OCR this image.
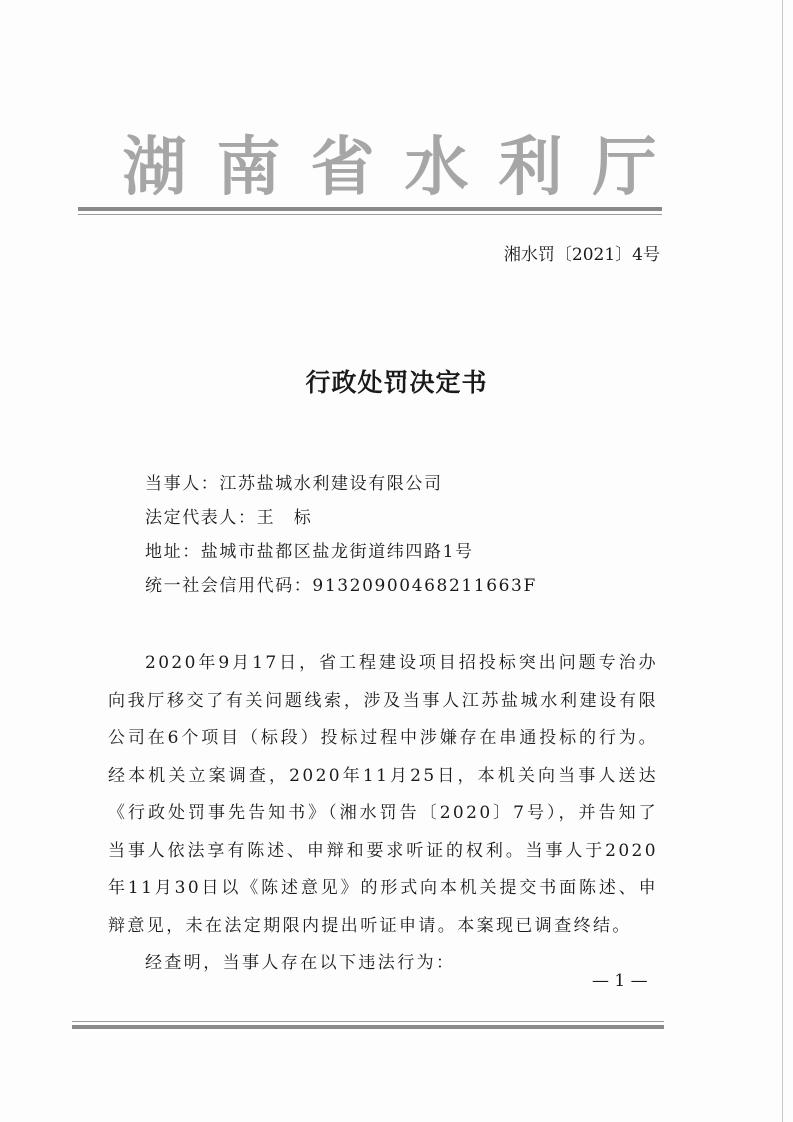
湖南省水利厅
湘水罚〔2021〕4号
行政处罚决定书
当事人：江苏盐城水利建设有限公司
法定代表人：王　标
地址：盐城市盐都区盐龙街道纬四路1号
统一社会信用代码：91320900468211663F

2020年9月17日，省工程建设项目招投标突出问题专治办向我厅移交了有关问题线索，涉及当事人江苏盐城水利建设有限公司在6个项目（标段）投标过程中涉嫌存在串通投标的行为。经本机关立案调查，2020年11月25日，本机关向当事人送达《行政处罚事先告知书》（湘水罚告〔2020〕7号），并告知了当事人依法享有陈述、申辩和要求听证的权利。当事人于2020年11月30日以《陈述意见》的形式向本机关提交书面陈述、申辩意见，未在法定期限内提出听证申请。本案现已调查终结。

经查明，当事人存在以下违法行为：

— 1 —
